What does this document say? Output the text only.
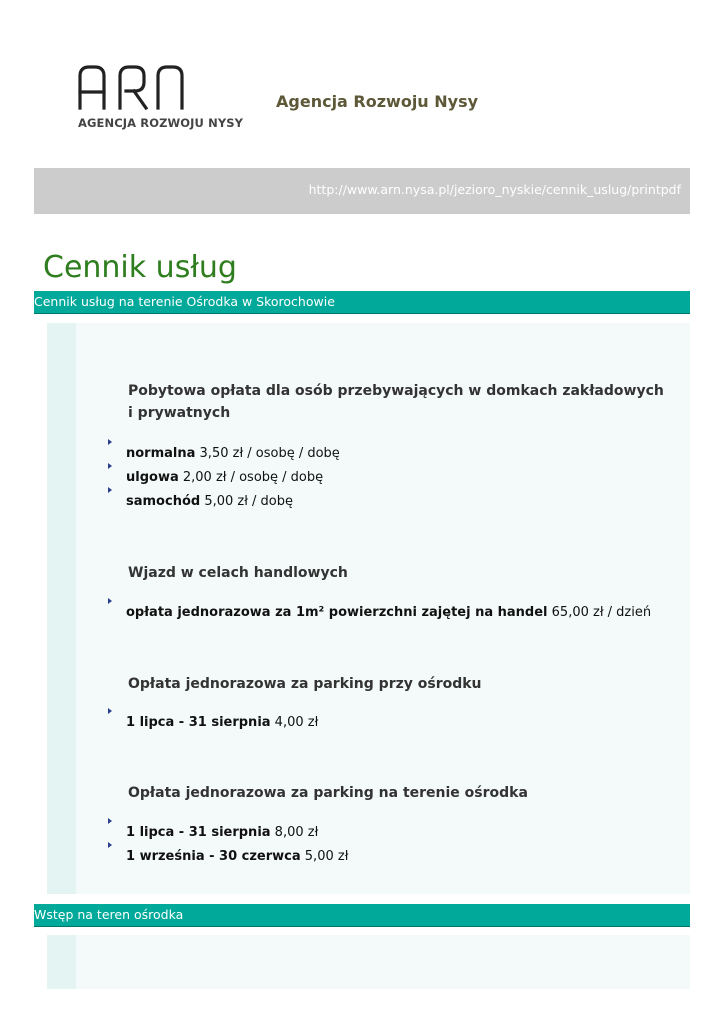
AGENCJA ROZWOJU NYSY
Agencja Rozwoju Nysy
http://www.arn.nysa.pl/jezioro_nyskie/cennik_uslug/printpdf
Cennik usług
Cennik usług na terenie Ośrodka w Skorochowie
Pobytowa opłata dla osób przebywających w domkach zakładowych i prywatnych
normalna 3,50 zł / osobę / dobę
ulgowa 2,00 zł / osobę / dobę
samochód 5,00 zł / dobę
Wjazd w celach handlowych
opłata jednorazowa za 1m² powierzchni zajętej na handel 65,00 zł / dzień
Opłata jednorazowa za parking przy ośrodku
1 lipca - 31 sierpnia 4,00 zł
Opłata jednorazowa za parking na terenie ośrodka
1 lipca - 31 sierpnia 8,00 zł
1 września - 30 czerwca 5,00 zł
Wstęp na teren ośrodka
